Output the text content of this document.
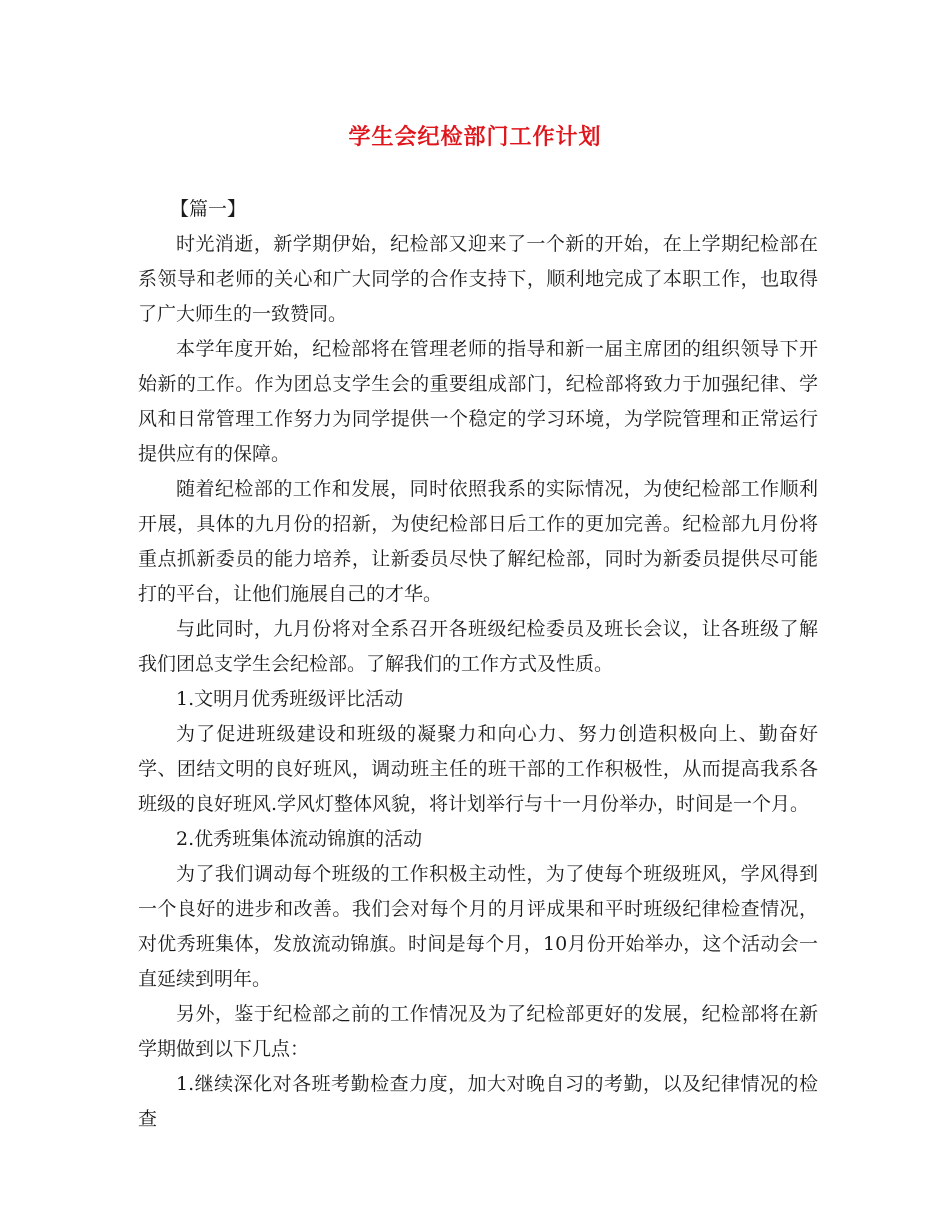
学生会纪检部门工作计划

【篇一】

时光消逝，新学期伊始，纪检部又迎来了一个新的开始，在上学期纪检部在系领导和老师的关心和广大同学的合作支持下，顺利地完成了本职工作，也取得了广大师生的一致赞同。

本学年度开始，纪检部将在管理老师的指导和新一届主席团的组织领导下开始新的工作。作为团总支学生会的重要组成部门，纪检部将致力于加强纪律、学风和日常管理工作努力为同学提供一个稳定的学习环境，为学院管理和正常运行提供应有的保障。

随着纪检部的工作和发展，同时依照我系的实际情况，为使纪检部工作顺利开展，具体的九月份的招新，为使纪检部日后工作的更加完善。纪检部九月份将重点抓新委员的能力培养，让新委员尽快了解纪检部，同时为新委员提供尽可能打的平台，让他们施展自己的才华。

与此同时，九月份将对全系召开各班级纪检委员及班长会议，让各班级了解我们团总支学生会纪检部。了解我们的工作方式及性质。

1.文明月优秀班级评比活动

为了促进班级建设和班级的凝聚力和向心力、努力创造积极向上、勤奋好学、团结文明的良好班风，调动班主任的班干部的工作积极性，从而提高我系各班级的良好班风.学风灯整体风貌，将计划举行与十一月份举办，时间是一个月。

2.优秀班集体流动锦旗的活动

为了我们调动每个班级的工作积极主动性，为了使每个班级班风，学风得到一个良好的进步和改善。我们会对每个月的月评成果和平时班级纪律检查情况，对优秀班集体，发放流动锦旗。时间是每个月，10月份开始举办，这个活动会一直延续到明年。

另外，鉴于纪检部之前的工作情况及为了纪检部更好的发展，纪检部将在新学期做到以下几点：

1.继续深化对各班考勤检查力度，加大对晚自习的考勤，以及纪律情况的检查
